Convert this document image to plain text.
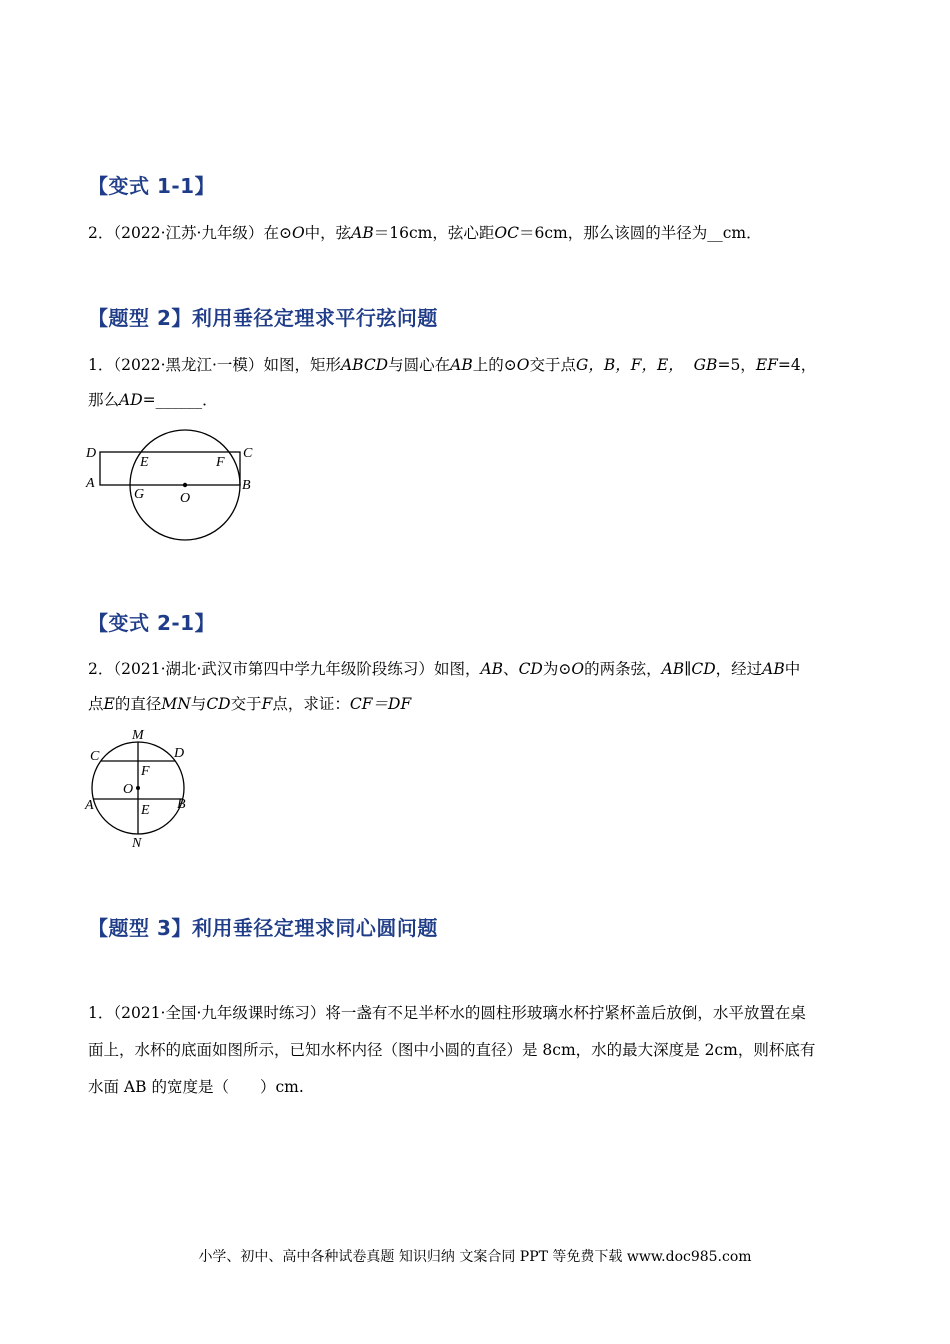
【变式 1-1】
2．（2022·江苏·九年级）在⊙O中，弦AB＝16cm，弦心距OC＝6cm，那么该圆的半径为__cm．
【题型 2】利用垂径定理求平行弦问题
1．（2022·黑龙江·一模）如图，矩形ABCD与圆心在AB上的⊙O交于点G，B，F，E， GB=5，EF=4，
那么AD=______．
D
E	F
C
A
G	O
B
【变式 2-1】
2．（2021·湖北·武汉市第四中学九年级阶段练习）如图，AB、CD为⊙O的两条弦，AB∥CD，经过AB中
点E的直径MN与CD交于F点，求证：CF＝DF
M
C	D
F
O
A	E B
N
【题型 3】利用垂径定理求同心圆问题
1．（2021·全国·九年级课时练习）将一盏有不足半杯水的圆柱形玻璃水杯拧紧杯盖后放倒，水平放置在桌
面上，水杯的底面如图所示，已知水杯内径（图中小圆的直径）是 8cm，水的最大深度是 2cm，则杯底有
水面 AB 的宽度是（　　）cm.
小学、初中、高中各种试卷真题 知识归纳 文案合同 PPT 等免费下载 www.doc985.com
